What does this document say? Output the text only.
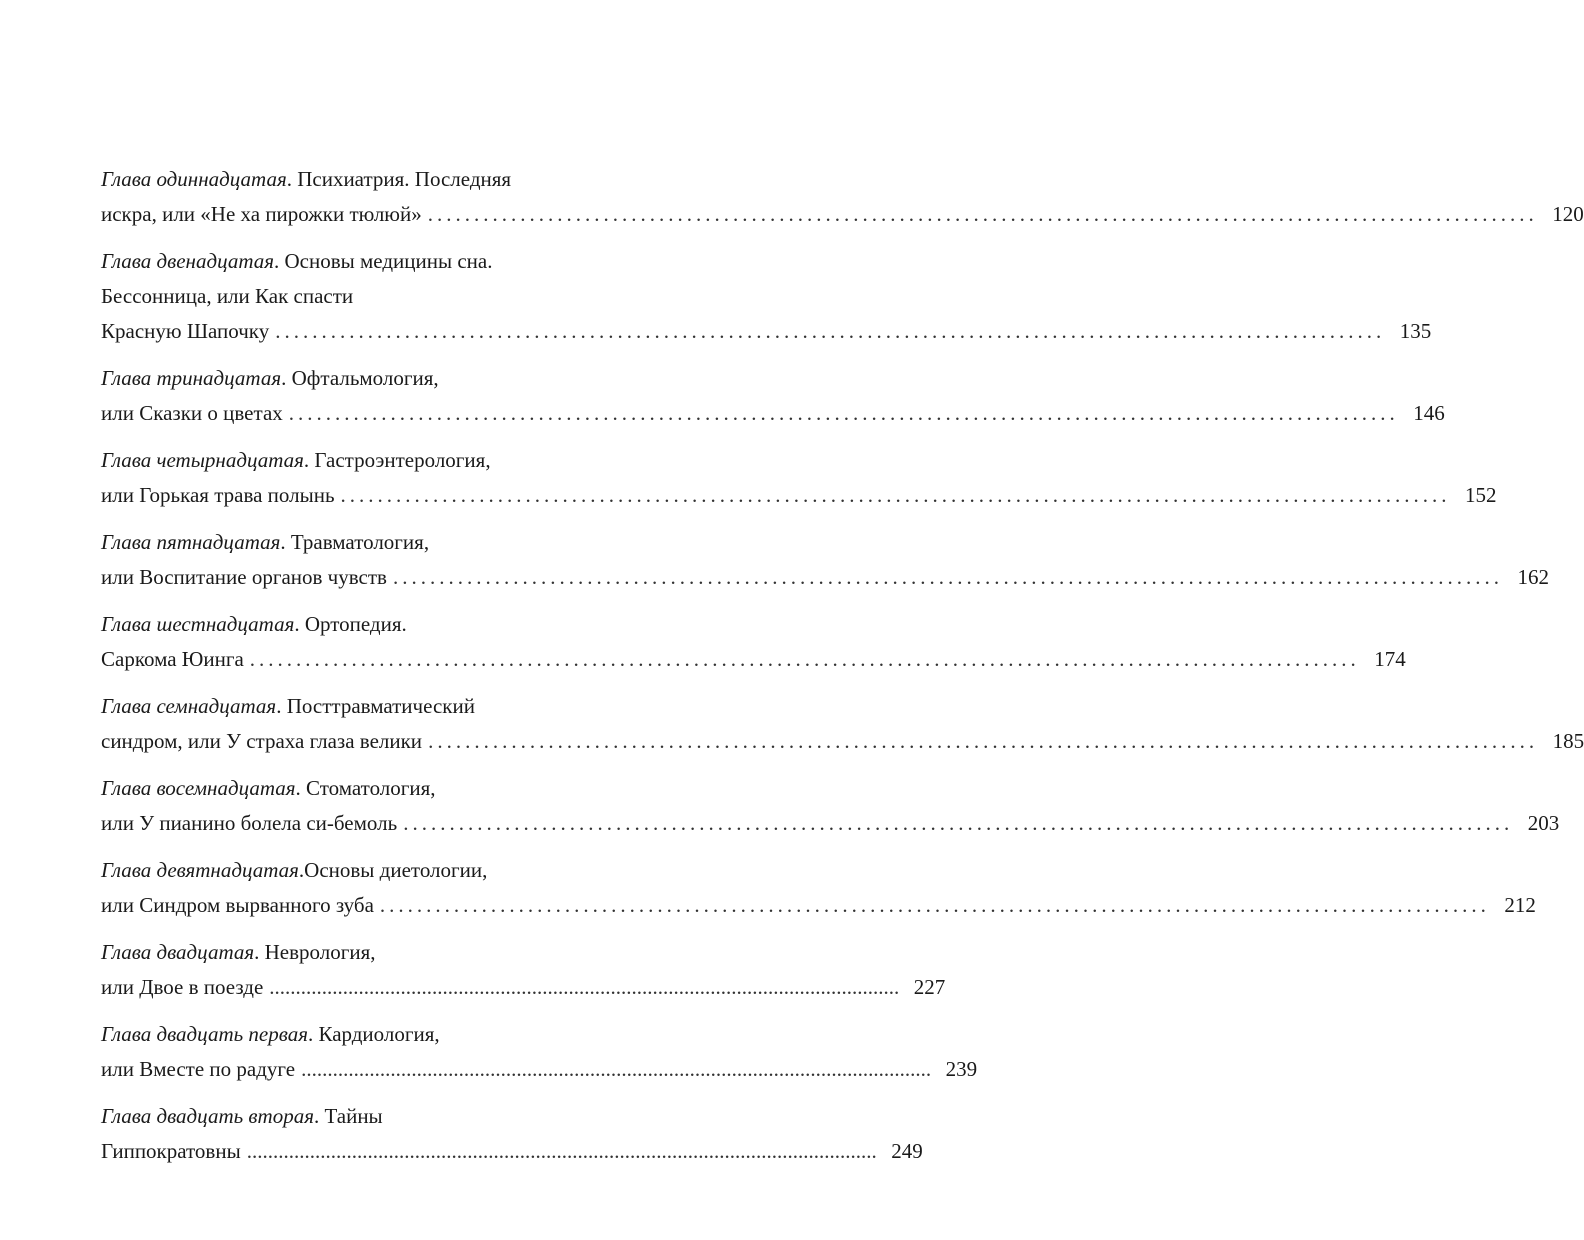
Глава одиннадцатая. Психиатрия. Последняя
искра, или «Не ха пирожки тюлюй» ........................................................................................................................ 120
Глава двенадцатая. Основы медицины сна.
Бессонница, или Как спасти
Красную Шапочку ........................................................................................................................ 135
Глава тринадцатая. Офтальмология,
или Сказки о цветах ........................................................................................................................ 146
Глава четырнадцатая. Гастроэнтерология,
или Горькая трава полынь ........................................................................................................................ 152
Глава пятнадцатая. Травматология,
или Воспитание органов чувств ........................................................................................................................ 162
Глава шестнадцатая. Ортопедия.
Саркома Юинга ........................................................................................................................ 174
Глава семнадцатая. Посттравматический
синдром, или У страха глаза велики ........................................................................................................................ 185
Глава восемнадцатая. Стоматология,
или У пианино болела си-бемоль ........................................................................................................................ 203
Глава девятнадцатая.Основы диетологии,
или Синдром вырванного зуба ........................................................................................................................ 212
Глава двадцатая. Неврология,
или Двое в поезде ........................................................................................................................ 227
Глава двадцать первая. Кардиология,
или Вместе по радуге ........................................................................................................................ 239
Глава двадцать вторая. Тайны
Гиппократовны ........................................................................................................................ 249
